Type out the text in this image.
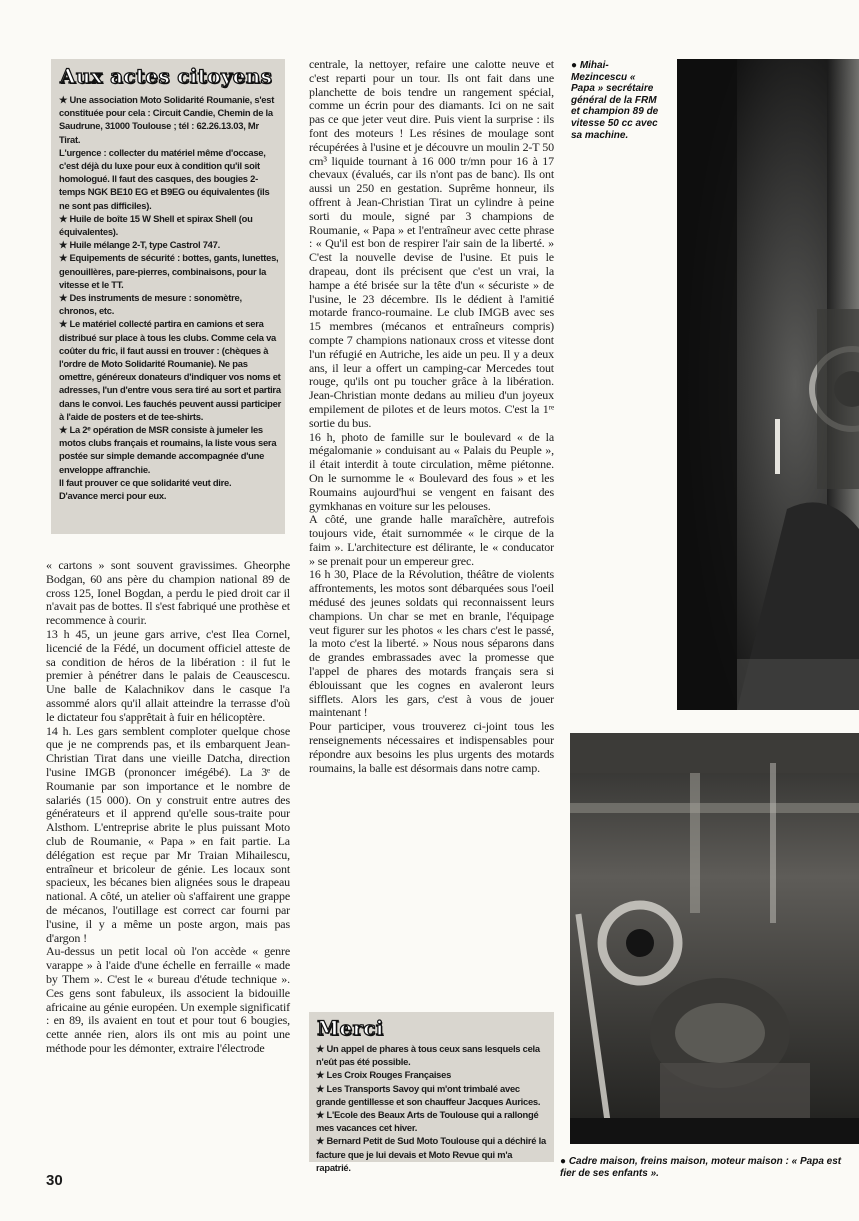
Aux actes citoyens

★ Une association Moto Solidarité Roumanie, s'est constituée pour cela : Circuit Candie, Chemin de la Saudrune, 31000 Toulouse ; tél : 62.26.13.03, Mr Tirat.

L'urgence : collecter du matériel même d'occase, c'est déjà du luxe pour eux à condition qu'il soit homologué. Il faut des casques, des bougies 2-temps NGK BE10 EG et B9EG ou équivalentes (ils ne sont pas difficiles).

★ Huile de boîte 15 W Shell et spirax Shell (ou équivalentes).

★ Huile mélange 2-T, type Castrol 747.

★ Equipements de sécurité : bottes, gants, lunettes, genouillères, pare-pierres, combinaisons, pour la vitesse et le TT.

★ Des instruments de mesure : sonomètre, chronos, etc.

★ Le matériel collecté partira en camions et sera distribué sur place à tous les clubs. Comme cela va coûter du fric, il faut aussi en trouver : (chèques à l'ordre de Moto Solidarité Roumanie). Ne pas omettre, généreux donateurs d'indiquer vos noms et adresses, l'un d'entre vous sera tiré au sort et partira dans le convoi. Les fauchés peuvent aussi participer à l'aide de posters et de tee-shirts.

★ La 2ᵉ opération de MSR consiste à jumeler les motos clubs français et roumains, la liste vous sera postée sur simple demande accompagnée d'une enveloppe affranchie.

Il faut prouver ce que solidarité veut dire.

D'avance merci pour eux.

« cartons » sont souvent gravissimes. Gheorphe Bodgan, 60 ans père du champion national 89 de cross 125, Ionel Bogdan, a perdu le pied droit car il n'avait pas de bottes. Il s'est fabriqué une prothèse et recommence à courir.

13 h 45, un jeune gars arrive, c'est Ilea Cornel, licencié de la Fédé, un document officiel atteste de sa condition de héros de la libération : il fut le premier à pénétrer dans le palais de Ceauscescu. Une balle de Kalachnikov dans le casque l'a assommé alors qu'il allait atteindre la terrasse d'où le dictateur fou s'apprêtait à fuir en hélicoptère.

14 h. Les gars semblent comploter quelque chose que je ne comprends pas, et ils embarquent Jean-Christian Tirat dans une vieille Datcha, direction l'usine IMGB (prononcer imégébé). La 3ᵉ de Roumanie par son importance et le nombre de salariés (15 000). On y construit entre autres des générateurs et il apprend qu'elle sous-traite pour Alsthom. L'entreprise abrite le plus puissant Moto club de Roumanie, « Papa » en fait partie. La délégation est reçue par Mr Traian Mihailescu, entraîneur et bricoleur de génie. Les locaux sont spacieux, les bécanes bien alignées sous le drapeau national. A côté, un atelier où s'affairent une grappe de mécanos, l'outillage est correct car fourni par l'usine, il y a même un poste argon, mais pas d'argon !

Au-dessus un petit local où l'on accède « genre varappe » à l'aide d'une échelle en ferraille « made by Them ». C'est le « bureau d'étude technique ». Ces gens sont fabuleux, ils associent la bidouille africaine au génie européen. Un exemple significatif : en 89, ils avaient en tout et pour tout 6 bougies, cette année rien, alors ils ont mis au point une méthode pour les démonter, extraire l'électrode

centrale, la nettoyer, refaire une calotte neuve et c'est reparti pour un tour. Ils ont fait dans une planchette de bois tendre un rangement spécial, comme un écrin pour des diamants. Ici on ne sait pas ce que jeter veut dire. Puis vient la surprise : ils font des moteurs ! Les résines de moulage sont récupérées à l'usine et je découvre un moulin 2-T 50 cm³ liquide tournant à 16 000 tr/mn pour 16 à 17 chevaux (évalués, car ils n'ont pas de banc). Ils ont aussi un 250 en gestation. Suprême honneur, ils offrent à Jean-Christian Tirat un cylindre à peine sorti du moule, signé par 3 champions de Roumanie, « Papa » et l'entraîneur avec cette phrase : « Qu'il est bon de respirer l'air sain de la liberté. » C'est la nouvelle devise de l'usine. Et puis le drapeau, dont ils précisent que c'est un vrai, la hampe a été brisée sur la tête d'un « sécuriste » de l'usine, le 23 décembre. Ils le dédient à l'amitié motarde franco-roumaine. Le club IMGB avec ses 15 membres (mécanos et entraîneurs compris) compte 7 champions nationaux cross et vitesse dont l'un réfugié en Autriche, les aide un peu. Il y a deux ans, il leur a offert un camping-car Mercedes tout rouge, qu'ils ont pu toucher grâce à la libération. Jean-Christian monte dedans au milieu d'un joyeux empilement de pilotes et de leurs motos. C'est la 1ʳᵉ sortie du bus.

16 h, photo de famille sur le boulevard « de la mégalomanie » conduisant au « Palais du Peuple », il était interdit à toute circulation, même piétonne. On le surnomme le « Boulevard des fous » et les Roumains aujourd'hui se vengent en faisant des gymkhanas en voiture sur les pelouses.

A côté, une grande halle maraîchère, autrefois toujours vide, était surnommée « le cirque de la faim ». L'architecture est délirante, le « conducator » se prenait pour un empereur grec.

16 h 30, Place de la Révolution, théâtre de violents affrontements, les motos sont débarquées sous l'oeil médusé des jeunes soldats qui reconnaissent leurs champions. Un char se met en branle, l'équipage veut figurer sur les photos « les chars c'est le passé, la moto c'est la liberté. » Nous nous séparons dans de grandes embrassades avec la promesse que l'appel de phares des motards français sera si éblouissant que les cognes en avaleront leurs sifflets. Alors les gars, c'est à vous de jouer maintenant !

Pour participer, vous trouverez ci-joint tous les renseignements nécessaires et indispensables pour répondre aux besoins les plus urgents des motards roumains, la balle est désormais dans notre camp.

Merci

★ Un appel de phares à tous ceux sans lesquels cela n'eût pas été possible.

★ Les Croix Rouges Françaises

★ Les Transports Savoy qui m'ont trimbalé avec grande gentillesse et son chauffeur Jacques Aurices.

★ L'Ecole des Beaux Arts de Toulouse qui a rallongé mes vacances cet hiver.

★ Bernard Petit de Sud Moto Toulouse qui a déchiré la facture que je lui devais et Moto Revue qui m'a rapatrié.

30
● Mihai-Mezincescu « Papa » secrétaire général de la FRM et champion 89 de vitesse 50 cc avec sa machine.
● Cadre maison, freins maison, moteur maison : « Papa est fier de ses enfants ».
